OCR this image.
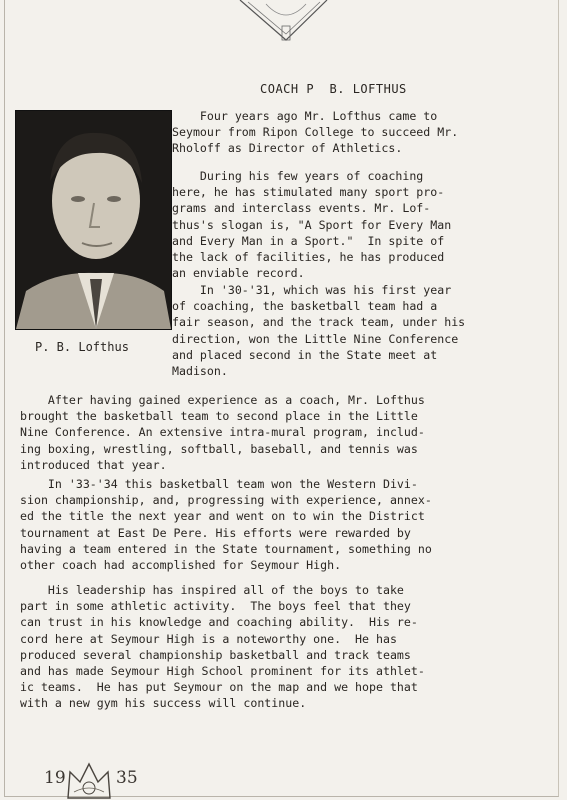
COACH P  B. LOFTHUS
P. B. Lofthus
Four years ago Mr. Lofthus came to
Seymour from Ripon College to succeed Mr.
Rholoff as Director of Athletics.
During his few years of coaching
here, he has stimulated many sport pro-
grams and interclass events. Mr. Lof-
thus's slogan is, "A Sport for Every Man
and Every Man in a Sport."  In spite of
the lack of facilities, he has produced
an enviable record.
In '30-'31, which was his first year
of coaching, the basketball team had a
fair season, and the track team, under his
direction, won the Little Nine Conference
and placed second in the State meet at
Madison.
After having gained experience as a coach, Mr. Lofthus
brought the basketball team to second place in the Little
Nine Conference. An extensive intra-mural program, includ-
ing boxing, wrestling, softball, baseball, and tennis was
introduced that year.
In '33-'34 this basketball team won the Western Divi-
sion championship, and, progressing with experience, annex-
ed the title the next year and went on to win the District
tournament at East De Pere. His efforts were rewarded by
having a team entered in the State tournament, something no
other coach had accomplished for Seymour High.
His leadership has inspired all of the boys to take
part in some athletic activity.  The boys feel that they
can trust in his knowledge and coaching ability.  His re-
cord here at Seymour High is a noteworthy one.  He has
produced several championship basketball and track teams
and has made Seymour High School prominent for its athlet-
ic teams.  He has put Seymour on the map and we hope that
with a new gym his success will continue.
19	35
